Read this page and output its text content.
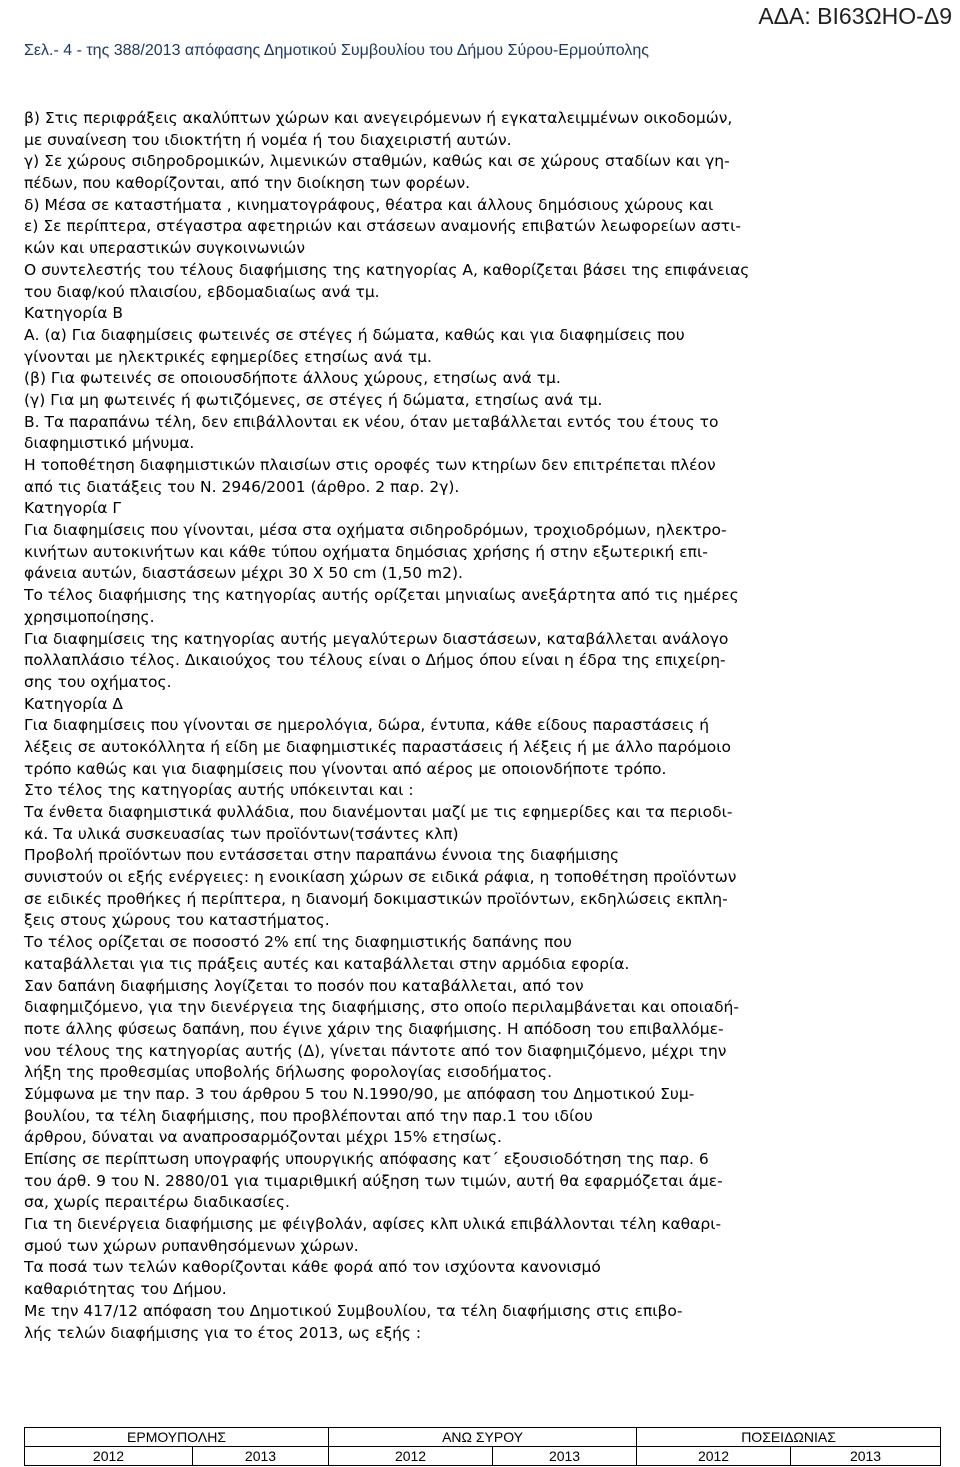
ΑΔΑ: ΒΙ63ΩΗΟ-Δ9
Σελ.- 4 - της 388/2013 απόφασης Δημοτικού Συμβουλίου του Δήμου Σύρου-Ερμούπολης
β) Στις περιφράξεις ακαλύπτων χώρων και ανεγειρόμενων ή εγκαταλειμμένων οικοδομών,
με συναίνεση του ιδιοκτήτη ή νομέα ή του διαχειριστή αυτών.
γ) Σε χώρους σιδηροδρομικών, λιμενικών σταθμών, καθώς και σε χώρους σταδίων και γη-
πέδων, που καθορίζονται, από την διοίκηση των φορέων.
δ) Μέσα σε καταστήματα , κινηματογράφους, θέατρα και άλλους δημόσιους χώρους και
ε) Σε περίπτερα, στέγαστρα αφετηριών και στάσεων αναμονής επιβατών λεωφορείων αστι-
κών και υπεραστικών συγκοινωνιών
Ο συντελεστής του τέλους διαφήμισης της κατηγορίας Α, καθορίζεται βάσει της επιφάνειας
του διαφ/κού πλαισίου, εβδομαδιαίως ανά τμ.
Κατηγορία Β
Α. (α) Για διαφημίσεις φωτεινές σε στέγες ή δώματα, καθώς και για διαφημίσεις που
γίνονται με ηλεκτρικές εφημερίδες ετησίως ανά τμ.
(β) Για φωτεινές σε οποιουσδήποτε άλλους χώρους, ετησίως ανά τμ.
(γ) Για μη φωτεινές ή φωτιζόμενες, σε στέγες ή δώματα, ετησίως ανά τμ.
Β. Τα παραπάνω τέλη, δεν επιβάλλονται εκ νέου, όταν μεταβάλλεται εντός του έτους το
διαφημιστικό μήνυμα.
Η τοποθέτηση διαφημιστικών πλαισίων στις οροφές των κτηρίων δεν επιτρέπεται πλέον
από τις διατάξεις του Ν. 2946/2001 (άρθρο. 2 παρ. 2γ).
Κατηγορία Γ
Για διαφημίσεις που γίνονται, μέσα στα οχήματα σιδηροδρόμων, τροχιοδρόμων, ηλεκτρο-
κινήτων αυτοκινήτων και κάθε τύπου οχήματα δημόσιας χρήσης ή στην εξωτερική επι-
φάνεια αυτών, διαστάσεων μέχρι 30 Χ 50 cm (1,50 m2).
Το τέλος διαφήμισης της κατηγορίας αυτής ορίζεται μηνιαίως ανεξάρτητα από τις ημέρες
χρησιμοποίησης.
Για διαφημίσεις της κατηγορίας αυτής μεγαλύτερων διαστάσεων, καταβάλλεται ανάλογο
πολλαπλάσιο τέλος. Δικαιούχος του τέλους είναι ο Δήμος όπου είναι η έδρα της επιχείρη-
σης του οχήματος.
Κατηγορία Δ
Για διαφημίσεις που γίνονται σε ημερολόγια, δώρα, έντυπα, κάθε είδους παραστάσεις ή
λέξεις σε αυτοκόλλητα ή είδη με διαφημιστικές παραστάσεις ή λέξεις ή με άλλο παρόμοιο
τρόπο καθώς και για διαφημίσεις που γίνονται από αέρος με οποιονδήποτε τρόπο.
Στο τέλος της κατηγορίας αυτής υπόκεινται και :
Τα ένθετα διαφημιστικά φυλλάδια, που διανέμονται μαζί με τις εφημερίδες και τα περιοδι-
κά. Τα υλικά συσκευασίας των προϊόντων(τσάντες κλπ)
Προβολή προϊόντων που εντάσσεται στην παραπάνω έννοια της διαφήμισης
συνιστούν οι εξής ενέργειες: η ενοικίαση χώρων σε ειδικά ράφια, η τοποθέτηση προϊόντων
σε ειδικές προθήκες ή περίπτερα, η διανομή δοκιμαστικών προϊόντων, εκδηλώσεις εκπλη-
ξεις στους χώρους του καταστήματος.
Το τέλος ορίζεται σε ποσοστό 2% επί της διαφημιστικής δαπάνης που
καταβάλλεται για τις πράξεις αυτές και καταβάλλεται στην αρμόδια εφορία.
Σαν δαπάνη διαφήμισης λογίζεται το ποσόν που καταβάλλεται, από τον
διαφημιζόμενο, για την διενέργεια της διαφήμισης, στο οποίο περιλαμβάνεται και οποιαδή-
ποτε άλλης φύσεως δαπάνη, που έγινε χάριν της διαφήμισης. Η απόδοση του επιβαλλόμε-
νου τέλους της κατηγορίας αυτής (Δ), γίνεται πάντοτε από τον διαφημιζόμενο, μέχρι την
λήξη της προθεσμίας υποβολής δήλωσης φορολογίας εισοδήματος.
Σύμφωνα με την παρ. 3 του άρθρου 5 του Ν.1990/90, με απόφαση του Δημοτικού Συμ-
βουλίου, τα τέλη διαφήμισης, που προβλέπονται από την παρ.1 του ιδίου
άρθρου, δύναται να αναπροσαρμόζονται μέχρι 15% ετησίως.
Επίσης σε περίπτωση υπογραφής υπουργικής απόφασης κατ΄ εξουσιοδότηση της παρ. 6
του άρθ. 9 του Ν. 2880/01 για τιμαριθμική αύξηση των τιμών, αυτή θα εφαρμόζεται άμε-
σα, χωρίς περαιτέρω διαδικασίες.
Για τη διενέργεια διαφήμισης με φέιγβολάν, αφίσες κλπ υλικά επιβάλλονται τέλη καθαρι-
σμού των χώρων ρυπανθησόμενων χώρων.
Τα ποσά των τελών καθορίζονται κάθε φορά από τον ισχύοντα κανονισμό
καθαριότητας του Δήμου.
Με την 417/12 απόφαση του Δημοτικού Συμβουλίου, τα τέλη διαφήμισης στις επιβο-
λής τελών διαφήμισης για το έτος 2013, ως εξής :
ΕΡΜΟΥΠΟΛΗΣ		ΑΝΩ ΣΥΡΟΥ		ΠΟΣΕΙΔΩΝΙΑΣ	
2012	2013	2012	2013	2012	2013
